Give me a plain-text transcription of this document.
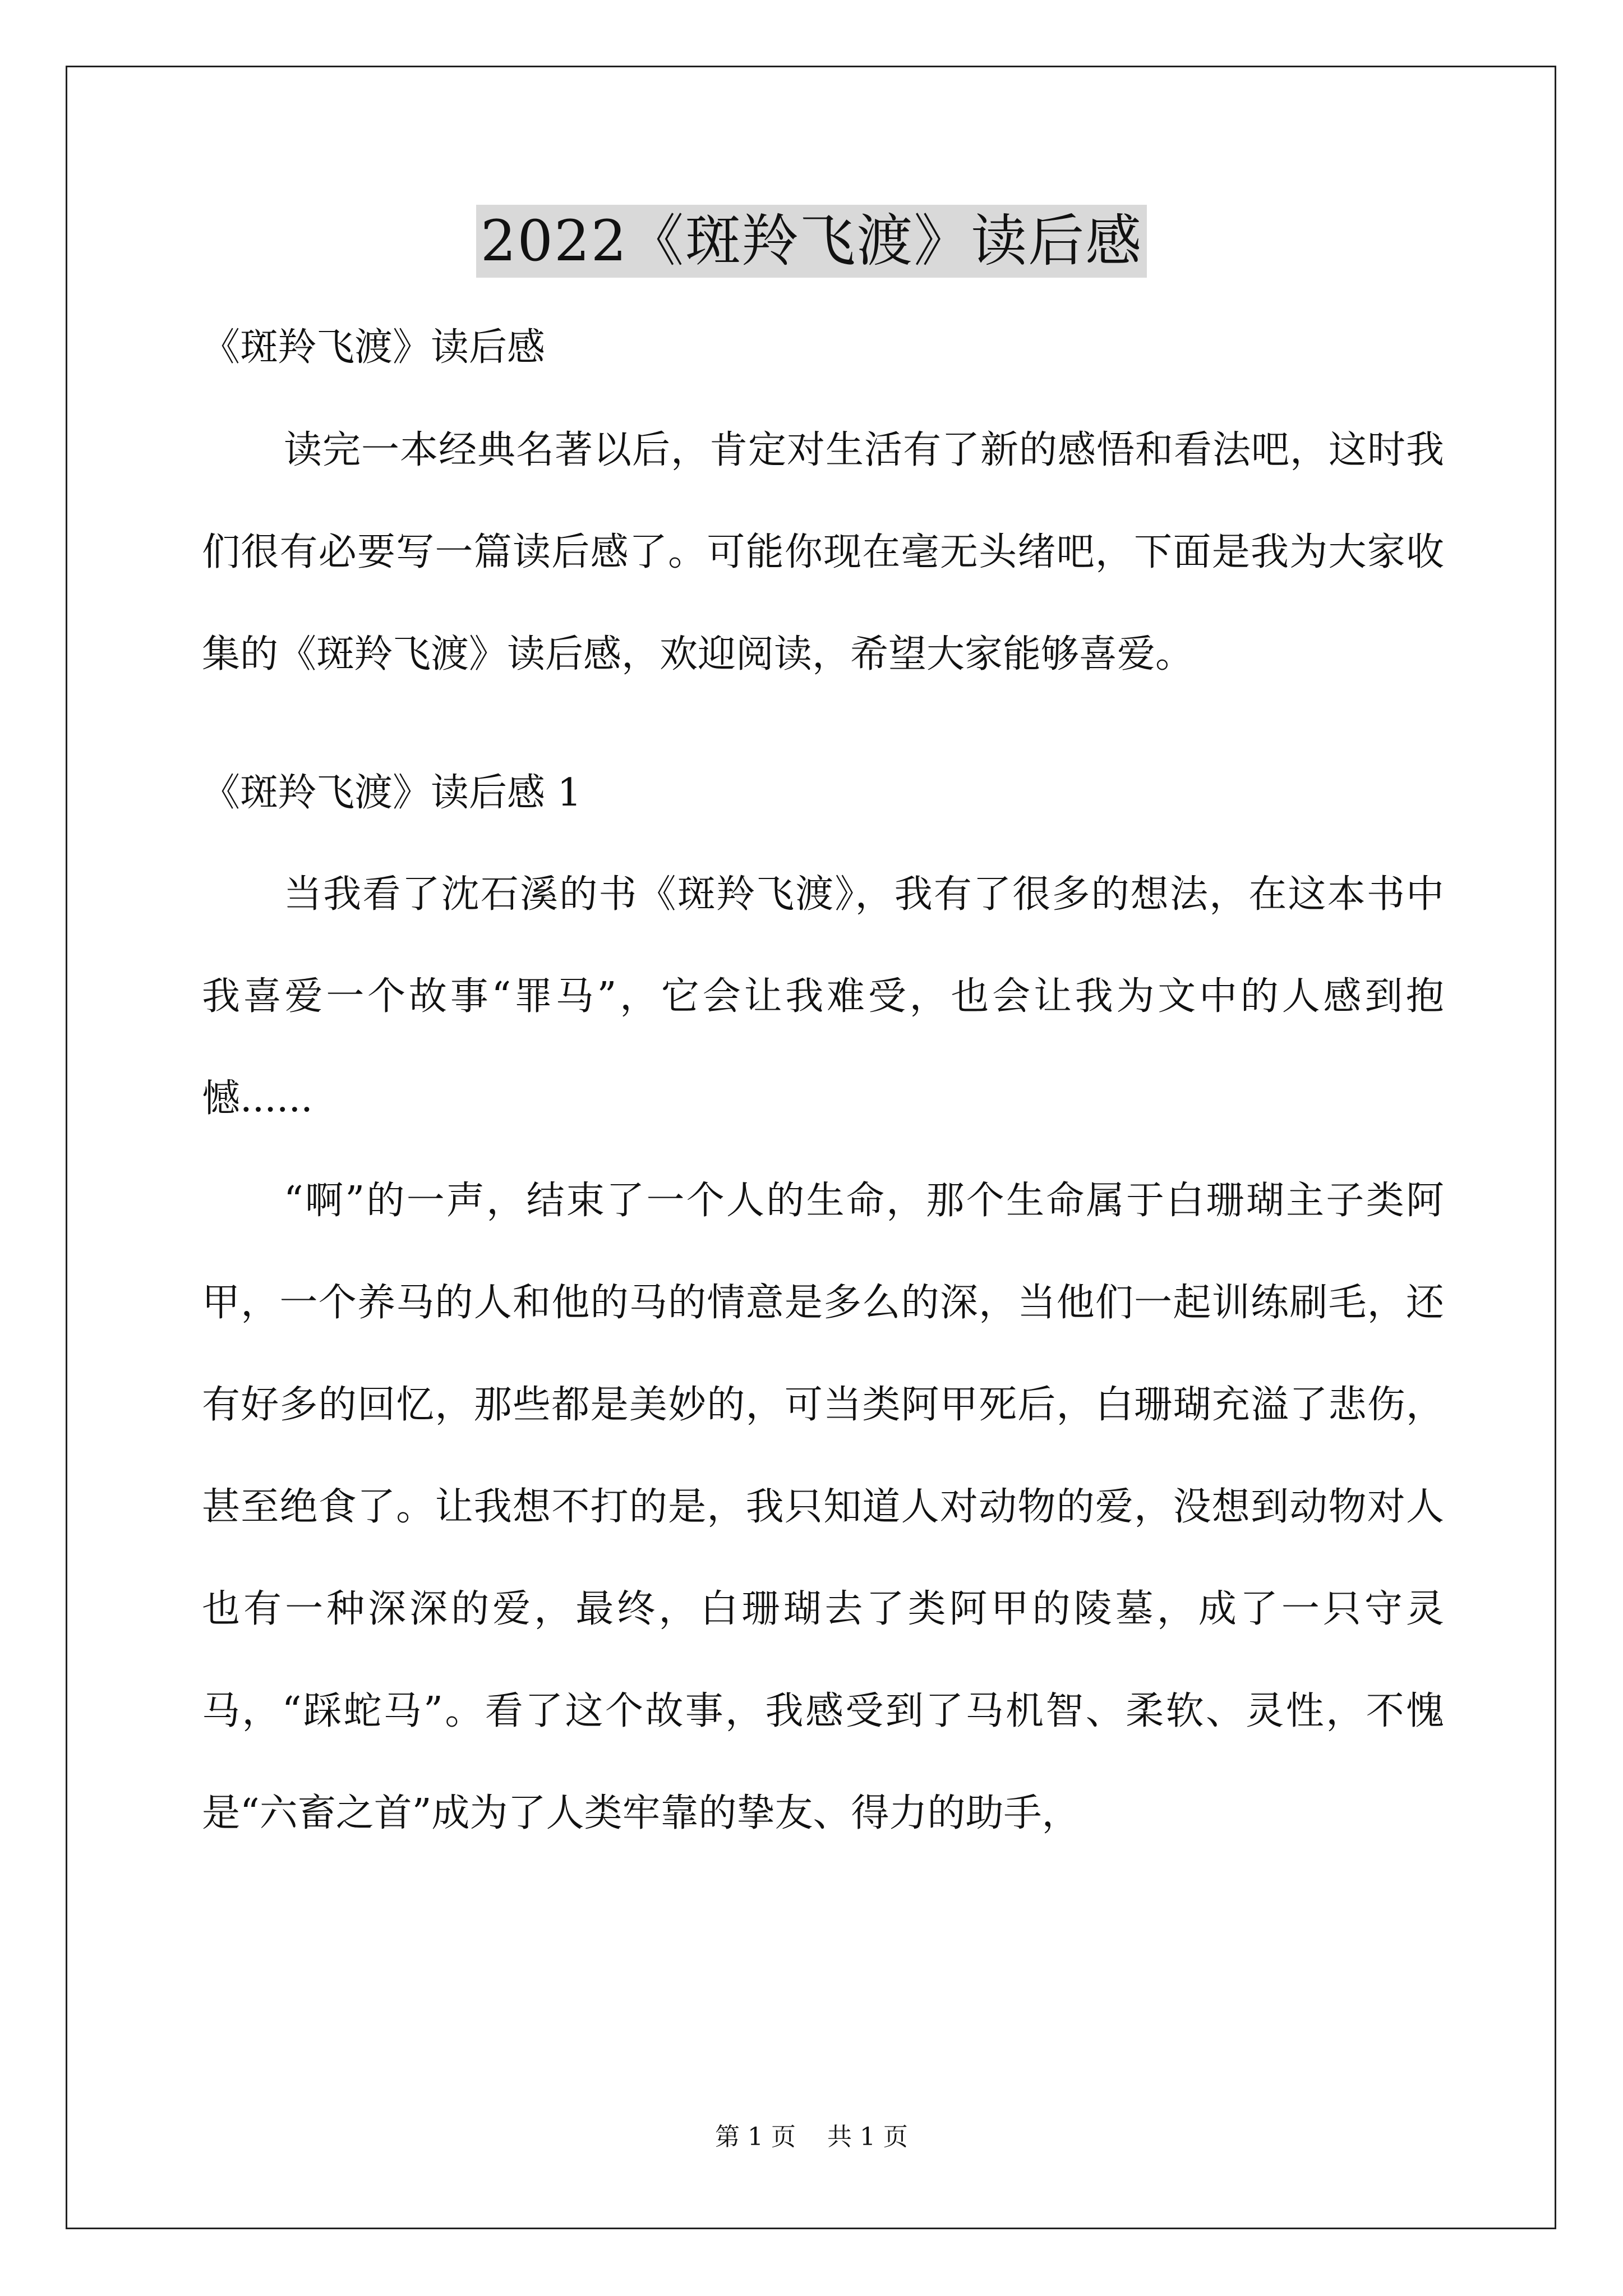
2022《斑羚飞渡》读后感
《斑羚飞渡》读后感

读完一本经典名著以后，肯定对生活有了新的感悟和看法吧，这时我们很有必要写一篇读后感了。可能你现在毫无头绪吧，下面是我为大家收集的《斑羚飞渡》读后感，欢迎阅读，希望大家能够喜爱。

《斑羚飞渡》读后感 1

当我看了沈石溪的书《斑羚飞渡》，我有了很多的想法，在这本书中我喜爱一个故事“罪马”，它会让我难受，也会让我为文中的人感到抱憾......

“啊”的一声，结束了一个人的生命，那个生命属于白珊瑚主子类阿甲，一个养马的人和他的马的情意是多么的深，当他们一起训练刷毛，还有好多的回忆，那些都是美妙的，可当类阿甲死后，白珊瑚充溢了悲伤，甚至绝食了。让我想不打的是，我只知道人对动物的爱，没想到动物对人也有一种深深的爱，最终，白珊瑚去了类阿甲的陵墓，成了一只守灵马，“踩蛇马”。看了这个故事，我感受到了马机智、柔软、灵性，不愧是“六畜之首”成为了人类牢靠的挚友、得力的助手，

第 1 页    共 1 页
